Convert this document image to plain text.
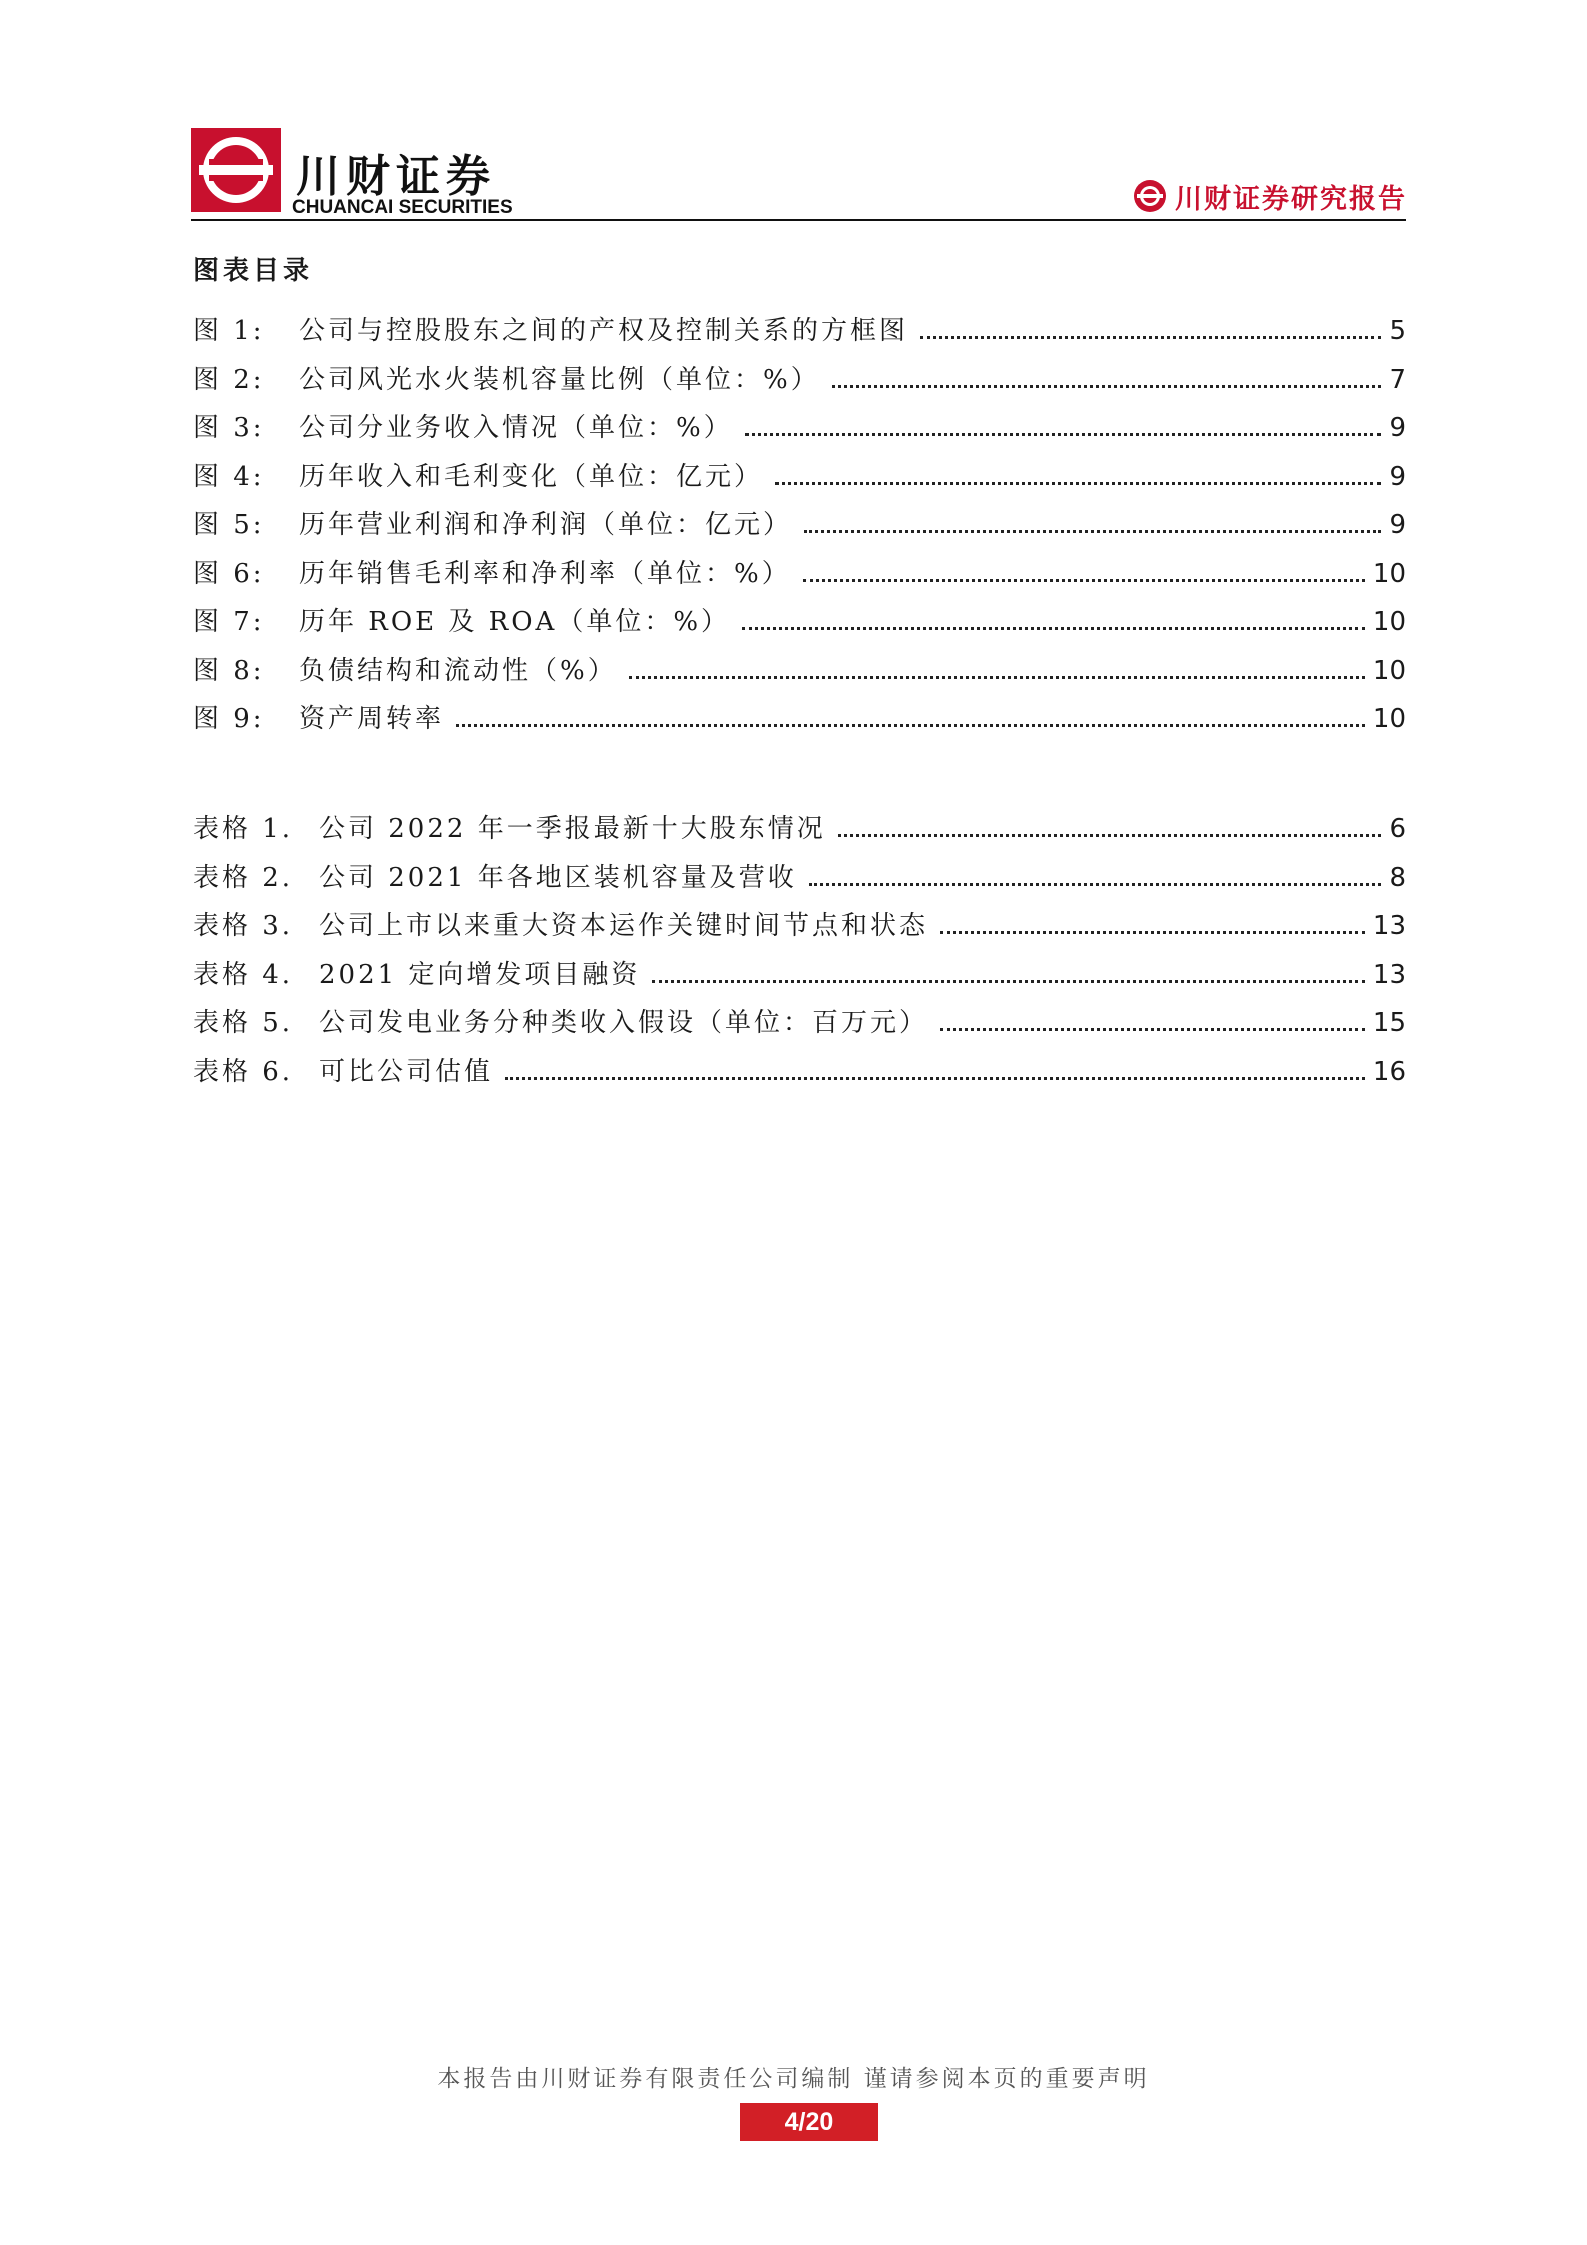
川财证券
CHUANCAI SECURITIES	川财证券研究报告
图表目录
图 1:	公司与控股股东之间的产权及控制关系的方框图	5
图 2:	公司风光水火装机容量比例（单位：%）	7
图 3:	公司分业务收入情况（单位：%）	9
图 4:	历年收入和毛利变化（单位：亿元）	9
图 5:	历年营业利润和净利润（单位：亿元）	9
图 6:	历年销售毛利率和净利率（单位：%）	10
图 7:	历年 ROE 及 ROA（单位：%）	10
图 8:	负债结构和流动性（%）	10
图 9:	资产周转率	10
表格 1. 公司 2022 年一季报最新十大股东情况	6
表格 2. 公司 2021 年各地区装机容量及营收	8
表格 3. 公司上市以来重大资本运作关键时间节点和状态	13
表格 4. 2021 定向增发项目融资	13
表格 5. 公司发电业务分种类收入假设（单位：百万元）	15
表格 6. 可比公司估值	16
本报告由川财证券有限责任公司编制 谨请参阅本页的重要声明
4/20
